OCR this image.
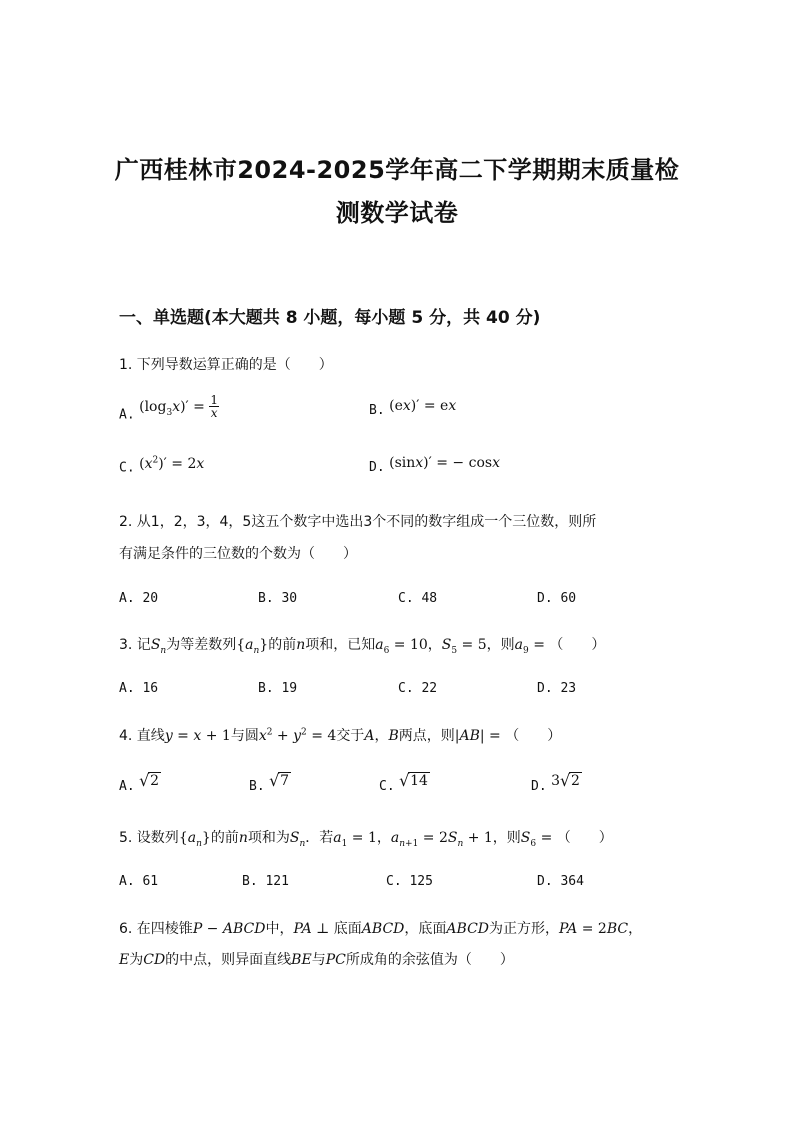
广西桂林市2024-2025学年高二下学期期末质量检
测数学试卷
一、单选题(本大题共 8 小题，每小题 5 分，共 40 分)
1. 下列导数运算正确的是（　　）
A. $(\log_3x)' = \frac{1}{x}$	B. (ex)′ = ex
C. $(x^2)' = 2x$	D. (sinx)′ = − cosx
2. 从1，2，3，4，5这五个数字中选出3个不同的数字组成一个三位数，则所
有满足条件的三位数的个数为（　　）
A. 20	B. 30	C. 48	D. 60
3. 记$S_n$为等差数列$\{a_n\}$的前n项和，已知$a_6 = 10$，$S_5 = 5$，则$a_9$ = （　　）
A. 16	B. 19	C. 22	D. 23
4. 直线y = x + 1与圆$x^2 + y^2 = 4$交于A，B两点，则|AB| = （　　）
A. √ 2	B. √ 7	C. √ 14	D. 3 √ 2
5. 设数列$\{a_n\}$的前n项和为$S_n$．若$a_1 = 1$，$a_{n+1} = 2S_n + 1$，则$S_6$ = （　　）
A. 61	B. 121	C. 125	D. 364
6. 在四棱锥P − ABCD中，PA ⊥ 底面ABCD，底面ABCD为正方形，PA = 2BC，
E为CD的中点，则异面直线BE与PC所成角的余弦值为（　　）
